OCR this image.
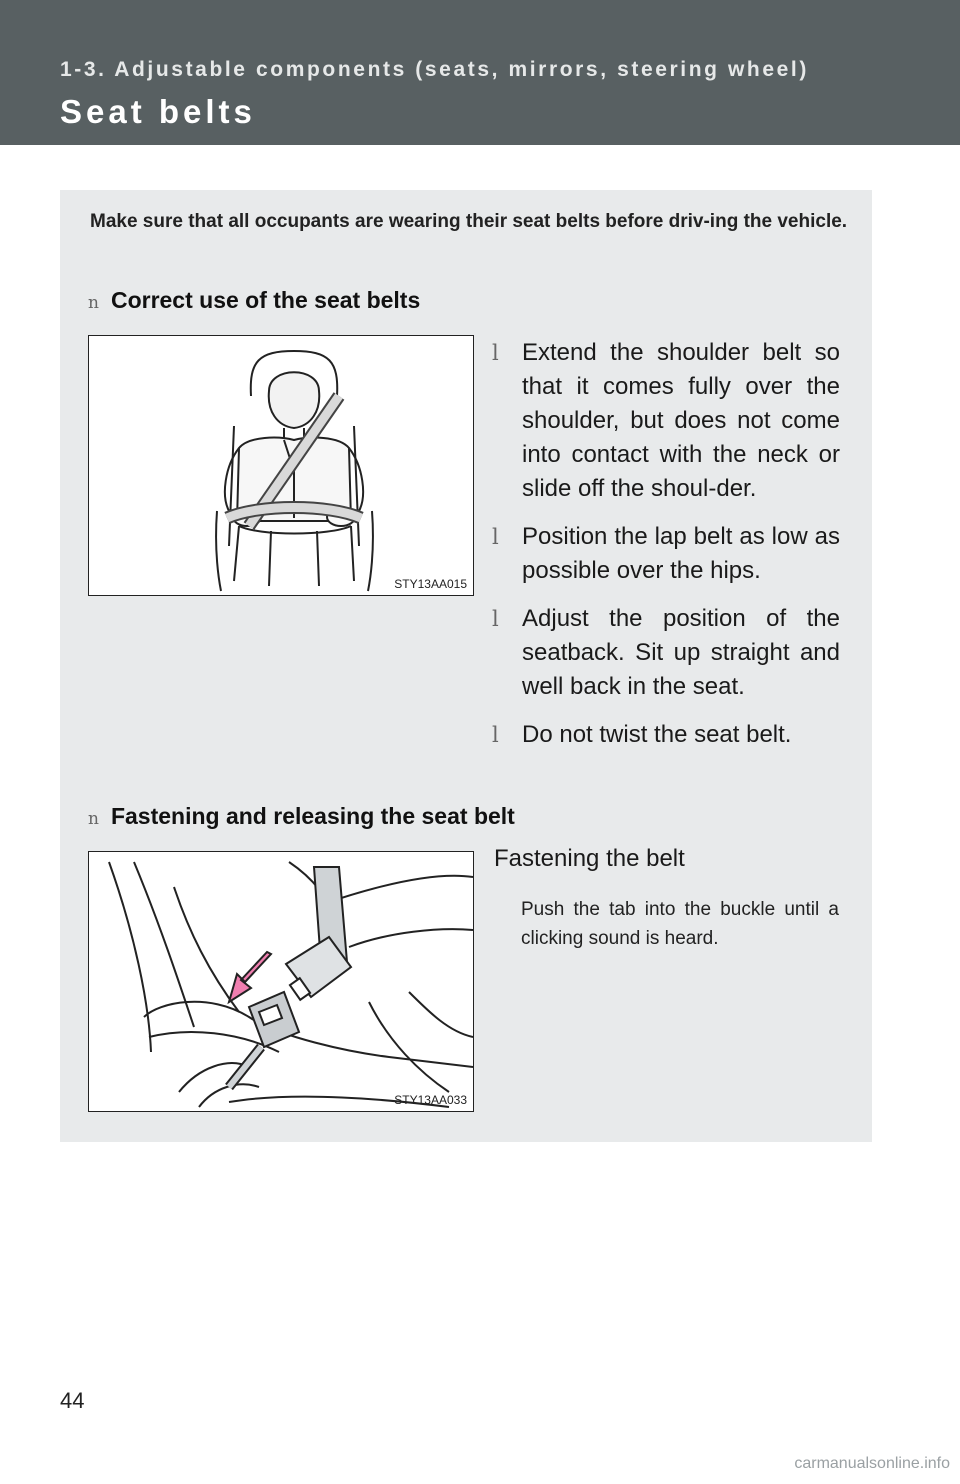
1-3. Adjustable components (seats, mirrors, steering wheel)
Seat belts
Make sure that all occupants are wearing their seat belts before driv-ing the vehicle.
n Correct use of the seat belts
STY13AA015
l Extend the shoulder belt so that it comes fully over the shoulder, but does not come into contact with the neck or slide off the shoul-der.
l Position the lap belt as low as possible over the hips.
l Adjust the position of the seatback. Sit up straight and well back in the seat.
l Do not twist the seat belt.
n Fastening and releasing the seat belt
STY13AA033
Fastening the belt
Push the tab into the buckle until a clicking sound is heard.
44
carmanualsonline.info
